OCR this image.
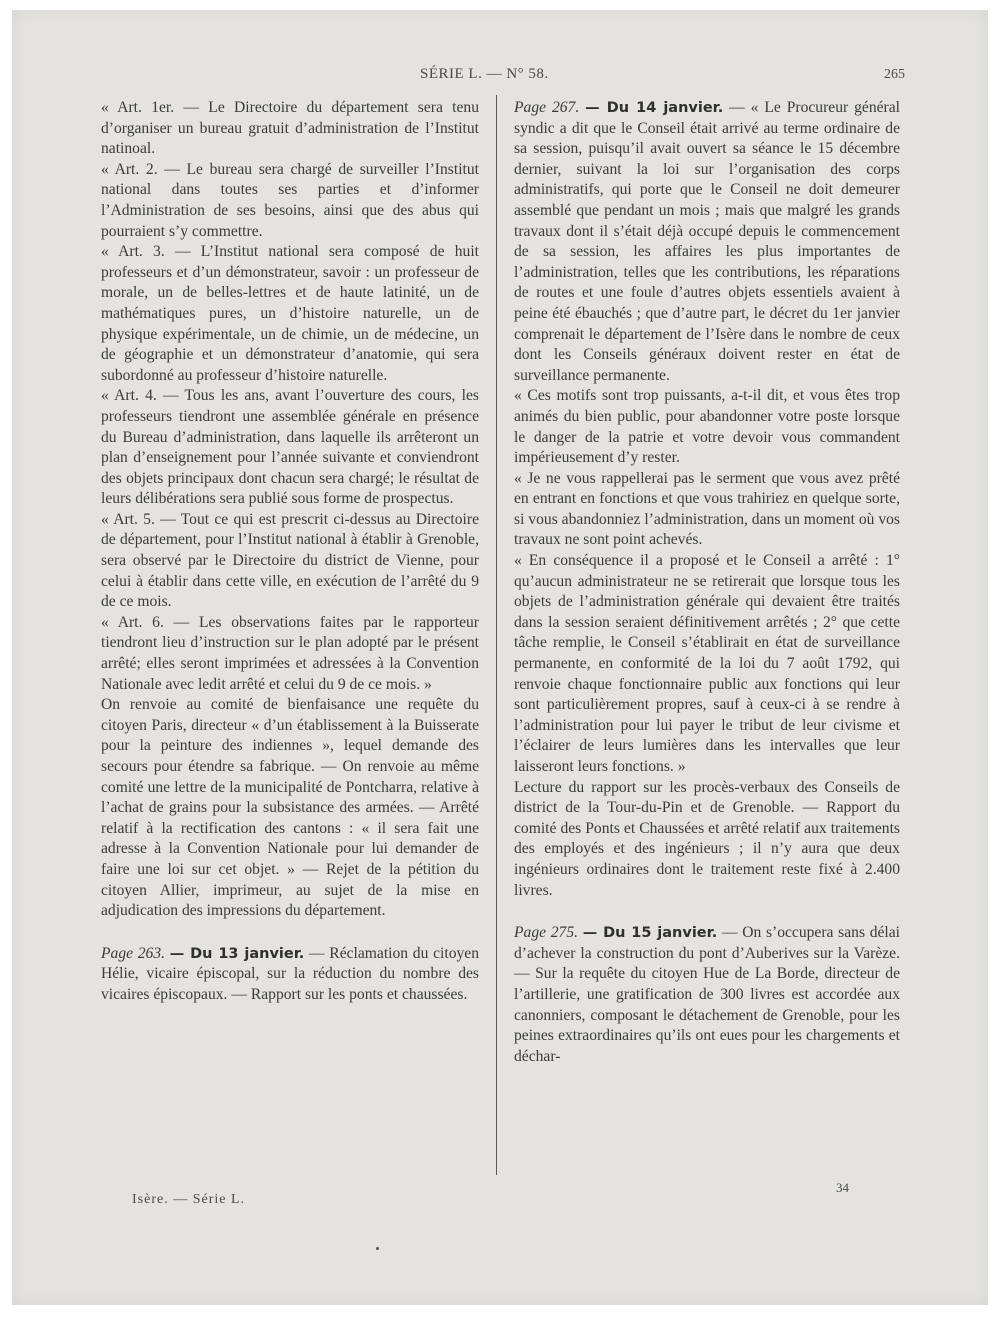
SÉRIE L. — N° 58.	265

« Art. 1er. — Le Directoire du département sera tenu d’organiser un bureau gratuit d’administration de l’Institut natinoal.

« Art. 2. — Le bureau sera chargé de surveiller l’Institut national dans toutes ses parties et d’informer l’Administration de ses besoins, ainsi que des abus qui pourraient s’y commettre.

« Art. 3. — L’Institut national sera composé de huit professeurs et d’un démonstrateur, savoir : un professeur de morale, un de belles-lettres et de haute latinité, un de mathématiques pures, un d’histoire naturelle, un de physique expérimentale, un de chimie, un de médecine, un de géographie et un démonstrateur d’anatomie, qui sera subordonné au professeur d’histoire naturelle.

« Art. 4. — Tous les ans, avant l’ouverture des cours, les professeurs tiendront une assemblée générale en présence du Bureau d’administration, dans laquelle ils arrêteront un plan d’enseignement pour l’année suivante et conviendront des objets principaux dont chacun sera chargé; le résultat de leurs délibérations sera publié sous forme de prospectus.

« Art. 5. — Tout ce qui est prescrit ci-dessus au Directoire de département, pour l’Institut national à établir à Grenoble, sera observé par le Directoire du district de Vienne, pour celui à établir dans cette ville, en exécution de l’arrêté du 9 de ce mois.

« Art. 6. — Les observations faites par le rapporteur tiendront lieu d’instruction sur le plan adopté par le présent arrêté; elles seront imprimées et adressées à la Convention Nationale avec ledit arrêté et celui du 9 de ce mois. »

On renvoie au comité de bienfaisance une requête du citoyen Paris, directeur « d’un établissement à la Buisserate pour la peinture des indiennes », lequel demande des secours pour étendre sa fabrique. — On renvoie au même comité une lettre de la municipalité de Pontcharra, relative à l’achat de grains pour la subsistance des armées. — Arrêté relatif à la rectification des cantons : « il sera fait une adresse à la Convention Nationale pour lui demander de faire une loi sur cet objet. » — Rejet de la pétition du citoyen Allier, imprimeur, au sujet de la mise en adjudication des impressions du département.

Page 263. — Du 13 janvier. — Réclamation du citoyen Hélie, vicaire épiscopal, sur la réduction du nombre des vicaires épiscopaux. — Rapport sur les ponts et chaussées.

Page 267. — Du 14 janvier. — « Le Procureur général syndic a dit que le Conseil était arrivé au terme ordinaire de sa session, puisqu’il avait ouvert sa séance le 15 décembre dernier, suivant la loi sur l’organisation des corps administratifs, qui porte que le Conseil ne doit demeurer assemblé que pendant un mois ; mais que malgré les grands travaux dont il s’était déjà occupé depuis le commencement de sa session, les affaires les plus importantes de l’administration, telles que les contributions, les réparations de routes et une foule d’autres objets essentiels avaient à peine été ébauchés ; que d’autre part, le décret du 1er janvier comprenait le département de l’Isère dans le nombre de ceux dont les Conseils généraux doivent rester en état de surveillance permanente.

« Ces motifs sont trop puissants, a-t-il dit, et vous êtes trop animés du bien public, pour abandonner votre poste lorsque le danger de la patrie et votre devoir vous commandent impérieusement d’y rester.

« Je ne vous rappellerai pas le serment que vous avez prêté en entrant en fonctions et que vous trahiriez en quelque sorte, si vous abandonniez l’administration, dans un moment où vos travaux ne sont point achevés.

« En conséquence il a proposé et le Conseil a arrêté : 1° qu’aucun administrateur ne se retirerait que lorsque tous les objets de l’administration générale qui devaient être traités dans la session seraient définitivement arrêtés ; 2° que cette tâche remplie, le Conseil s’établirait en état de surveillance permanente, en conformité de la loi du 7 août 1792, qui renvoie chaque fonctionnaire public aux fonctions qui leur sont particulièrement propres, sauf à ceux-ci à se rendre à l’administration pour lui payer le tribut de leur civisme et l’éclairer de leurs lumières dans les intervalles que leur laisseront leurs fonctions. »

Lecture du rapport sur les procès-verbaux des Conseils de district de la Tour-du-Pin et de Grenoble. — Rapport du comité des Ponts et Chaussées et arrêté relatif aux traitements des employés et des ingénieurs ; il n’y aura que deux ingénieurs ordinaires dont le traitement reste fixé à 2.400 livres.

Page 275. — Du 15 janvier. — On s’occupera sans délai d’achever la construction du pont d’Auberives sur la Varèze. — Sur la requête du citoyen Hue de La Borde, directeur de l’artillerie, une gratification de 300 livres est accordée aux canonniers, composant le détachement de Grenoble, pour les peines extraordinaires qu’ils ont eues pour les chargements et déchar-

Isère. — Série L.
34
